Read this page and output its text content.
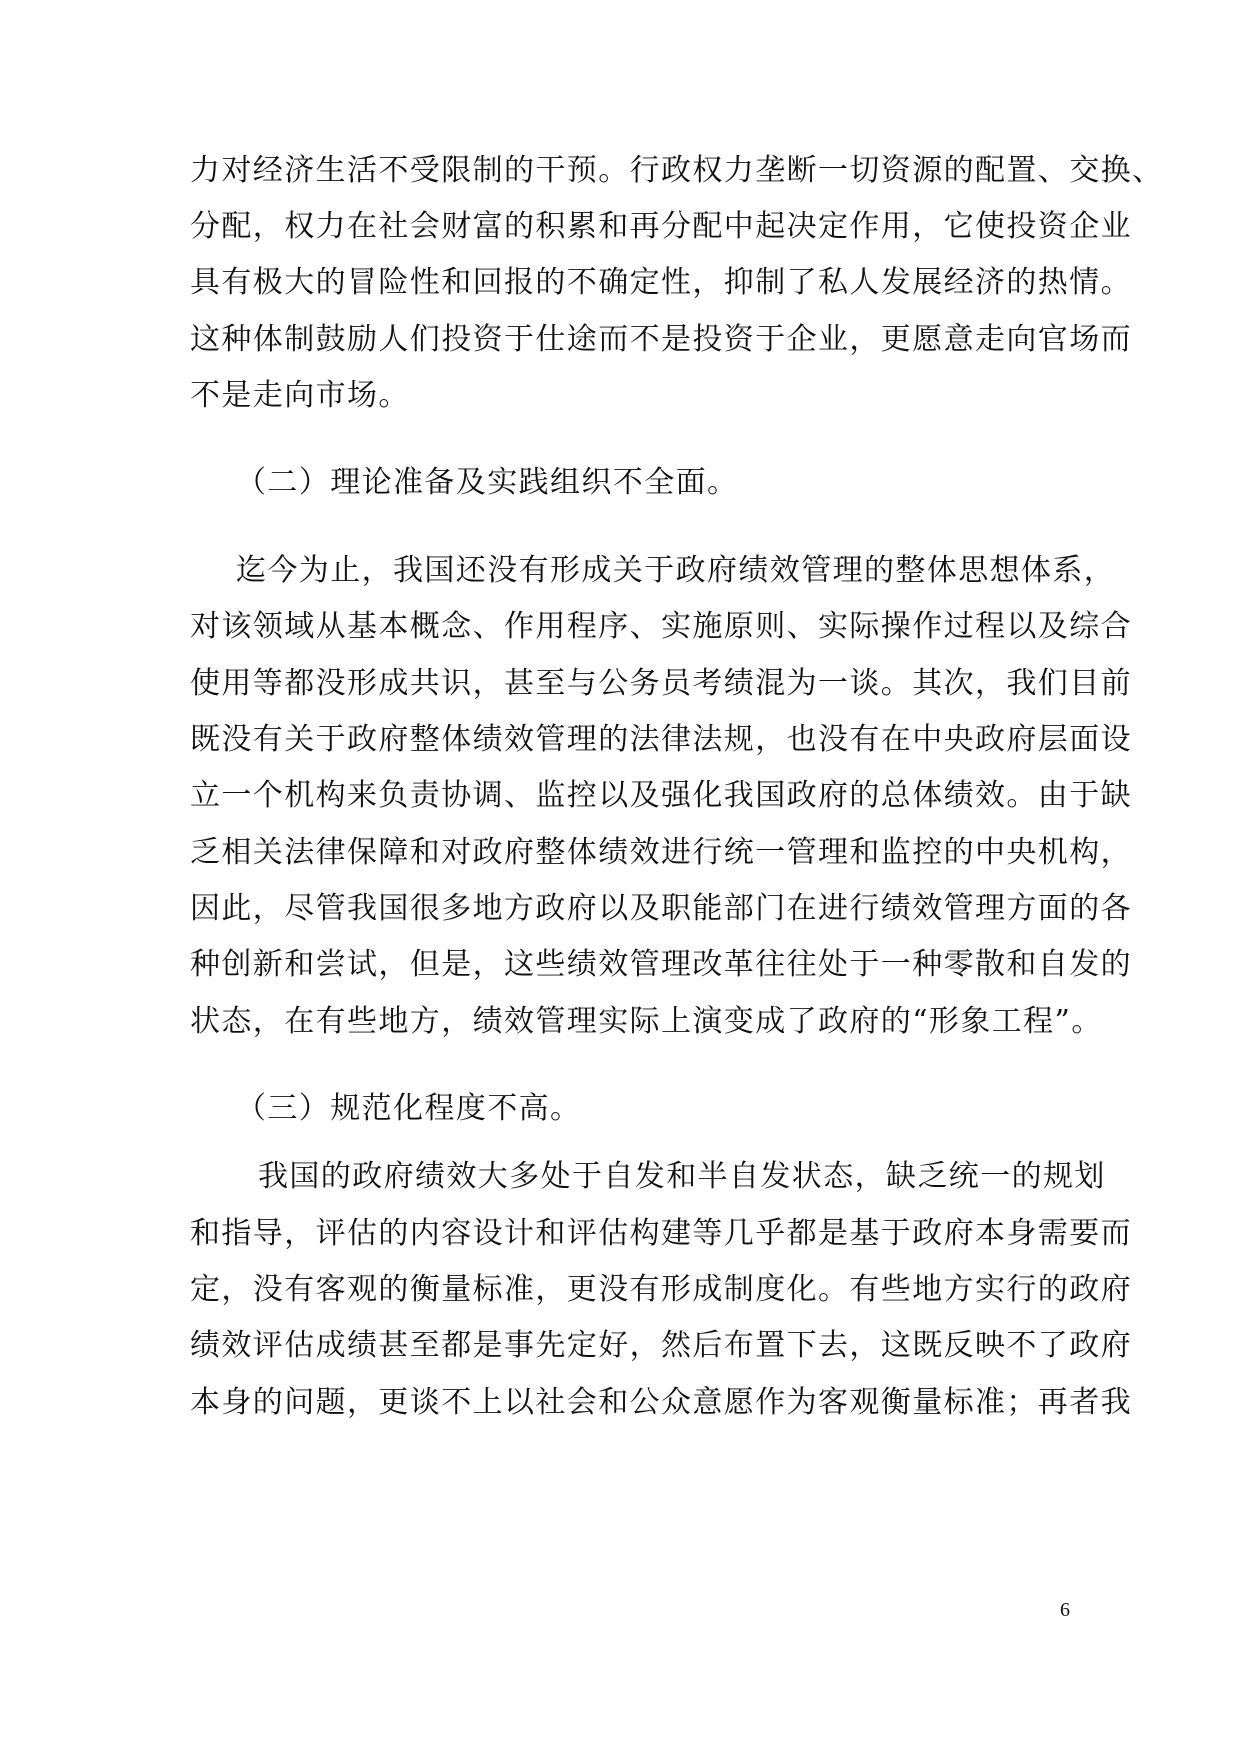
力对经济生活不受限制的干预。行政权力垄断一切资源的配置、交换、
分配，权力在社会财富的积累和再分配中起决定作用，它使投资企业
具有极大的冒险性和回报的不确定性，抑制了私人发展经济的热情。
这种体制鼓励人们投资于仕途而不是投资于企业，更愿意走向官场而
不是走向市场。
（二）理论准备及实践组织不全面。
迄今为止，我国还没有形成关于政府绩效管理的整体思想体系，
对该领域从基本概念、作用程序、实施原则、实际操作过程以及综合
使用等都没形成共识，甚至与公务员考绩混为一谈。其次，我们目前
既没有关于政府整体绩效管理的法律法规，也没有在中央政府层面设
立一个机构来负责协调、监控以及强化我国政府的总体绩效。由于缺
乏相关法律保障和对政府整体绩效进行统一管理和监控的中央机构，
因此，尽管我国很多地方政府以及职能部门在进行绩效管理方面的各
种创新和尝试，但是，这些绩效管理改革往往处于一种零散和自发的
状态，在有些地方，绩效管理实际上演变成了政府的“形象工程”。
（三）规范化程度不高。
我国的政府绩效大多处于自发和半自发状态，缺乏统一的规划
和指导，评估的内容设计和评估构建等几乎都是基于政府本身需要而
定，没有客观的衡量标准，更没有形成制度化。有些地方实行的政府
绩效评估成绩甚至都是事先定好，然后布置下去，这既反映不了政府
本身的问题，更谈不上以社会和公众意愿作为客观衡量标准；再者我
6
